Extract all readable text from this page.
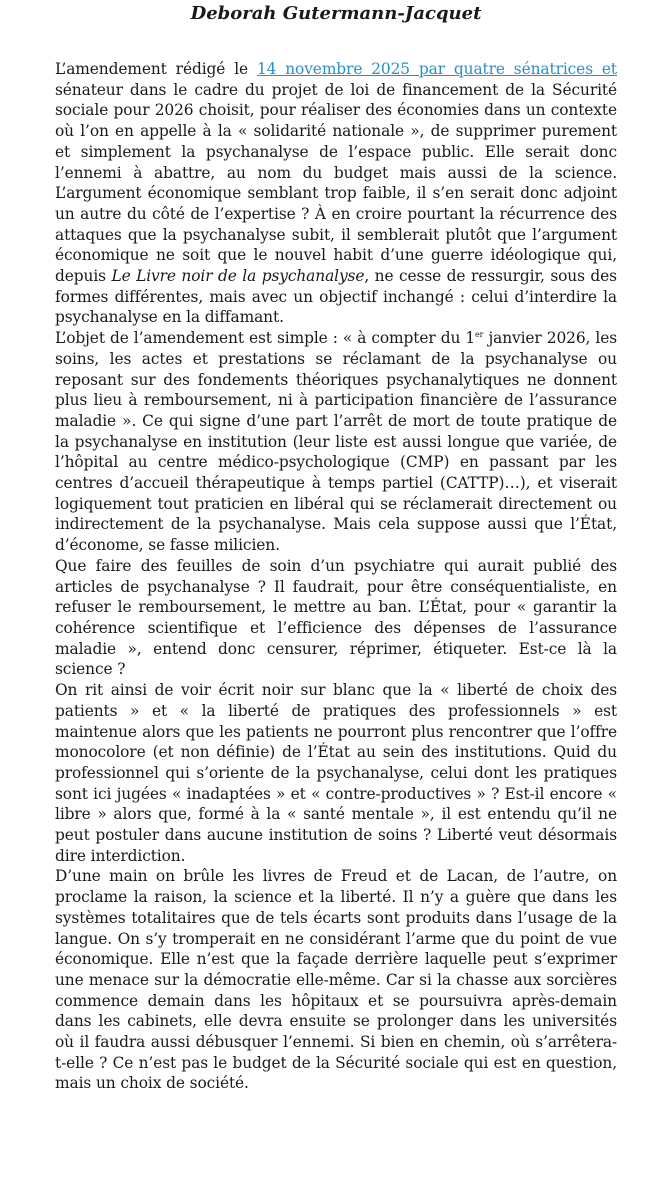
Deborah Gutermann-Jacquet

L’amendement rédigé le 14 novembre 2025 par quatre sénatrices et sénateur dans le cadre du projet de loi de financement de la Sécurité sociale pour 2026 choisit, pour réaliser des économies dans un contexte où l’on en appelle à la « solidarité nationale », de supprimer purement et simplement la psychanalyse de l’espace public. Elle serait donc l’ennemi à abattre, au nom du budget mais aussi de la science. L’argument économique semblant trop faible, il s’en serait donc adjoint un autre du côté de l’expertise ? À en croire pourtant la récurrence des attaques que la psychanalyse subit, il semblerait plutôt que l’argument économique ne soit que le nouvel habit d’une guerre idéologique qui, depuis Le Livre noir de la psychanalyse, ne cesse de ressurgir, sous des formes différentes, mais avec un objectif inchangé : celui d’interdire la psychanalyse en la diffamant.

L’objet de l’amendement est simple : « à compter du 1er janvier 2026, les soins, les actes et prestations se réclamant de la psychanalyse ou reposant sur des fondements théoriques psychanalytiques ne donnent plus lieu à remboursement, ni à participation financière de l’assurance maladie ». Ce qui signe d’une part l’arrêt de mort de toute pratique de la psychanalyse en institution (leur liste est aussi longue que variée, de l’hôpital au centre médico-psychologique (CMP) en passant par les centres d’accueil thérapeutique à temps partiel (CATTP)…), et viserait logiquement tout praticien en libéral qui se réclamerait directement ou indirectement de la psychanalyse. Mais cela suppose aussi que l’État, d’économe, se fasse milicien.

Que faire des feuilles de soin d’un psychiatre qui aurait publié des articles de psychanalyse ? Il faudrait, pour être conséquentialiste, en refuser le remboursement, le mettre au ban. L’État, pour « garantir la cohérence scientifique et l’efficience des dépenses de l’assurance maladie », entend donc censurer, réprimer, étiqueter. Est-ce là la science ?

On rit ainsi de voir écrit noir sur blanc que la « liberté de choix des patients » et « la liberté de pratiques des professionnels » est maintenue alors que les patients ne pourront plus rencontrer que l’offre monocolore (et non définie) de l’État au sein des institutions. Quid du professionnel qui s’oriente de la psychanalyse, celui dont les pratiques sont ici jugées « inadaptées » et « contre-productives » ? Est-il encore « libre » alors que, formé à la « santé mentale », il est entendu qu’il ne peut postuler dans aucune institution de soins ? Liberté veut désormais dire interdiction.

D’une main on brûle les livres de Freud et de Lacan, de l’autre, on proclame la raison, la science et la liberté. Il n’y a guère que dans les systèmes totalitaires que de tels écarts sont produits dans l’usage de la langue. On s’y tromperait en ne considérant l’arme que du point de vue économique. Elle n’est que la façade derrière laquelle peut s’exprimer une menace sur la démocratie elle-même. Car si la chasse aux sorcières commence demain dans les hôpitaux et se poursuivra après-demain dans les cabinets, elle devra ensuite se prolonger dans les universités où il faudra aussi débusquer l’ennemi. Si bien en chemin, où s’arrêtera-t-elle ? Ce n’est pas le budget de la Sécurité sociale qui est en question, mais un choix de société.
